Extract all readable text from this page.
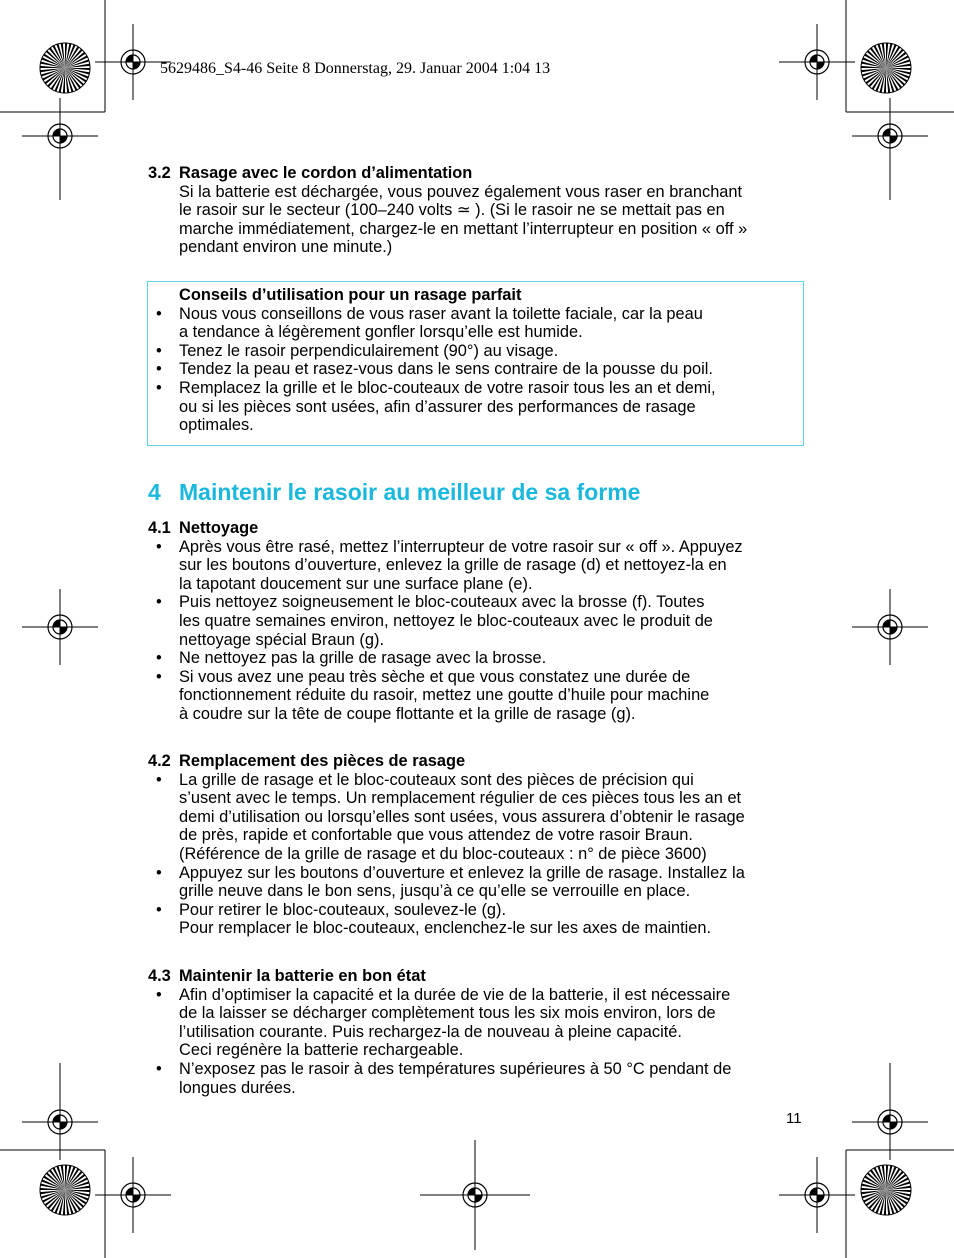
5629486_S4-46 Seite 8 Donnerstag, 29. Januar 2004 1:04 13
3.2 Rasage avec le cordon d’alimentation
Si la batterie est déchargée, vous pouvez également vous raser en branchant
le rasoir sur le secteur (100–240 volts ≃ ). (Si le rasoir ne se mettait pas en
marche immédiatement, chargez-le en mettant l’interrupteur en position « off »
pendant environ une minute.)
Conseils d’utilisation pour un rasage parfait
• Nous vous conseillons de vous raser avant la toilette faciale, car la peau
a tendance à légèrement gonfler lorsqu’elle est humide.
• Tenez le rasoir perpendiculairement (90°) au visage.
• Tendez la peau et rasez-vous dans le sens contraire de la pousse du poil.
• Remplacez la grille et le bloc-couteaux de votre rasoir tous les an et demi,
ou si les pièces sont usées, afin d’assurer des performances de rasage
optimales.
4 Maintenir le rasoir au meilleur de sa forme
4.1 Nettoyage
• Après vous être rasé, mettez l’interrupteur de votre rasoir sur « off ». Appuyez
sur les boutons d’ouverture, enlevez la grille de rasage (d) et nettoyez-la en
la tapotant doucement sur une surface plane (e).
• Puis nettoyez soigneusement le bloc-couteaux avec la brosse (f). Toutes
les quatre semaines environ, nettoyez le bloc-couteaux avec le produit de
nettoyage spécial Braun (g).
• Ne nettoyez pas la grille de rasage avec la brosse.
• Si vous avez une peau très sèche et que vous constatez une durée de
fonctionnement réduite du rasoir, mettez une goutte d’huile pour machine
à coudre sur la tête de coupe flottante et la grille de rasage (g).
4.2 Remplacement des pièces de rasage
• La grille de rasage et le bloc-couteaux sont des pièces de précision qui
s’usent avec le temps. Un remplacement régulier de ces pièces tous les an et
demi d’utilisation ou lorsqu’elles sont usées, vous assurera d’obtenir le rasage
de près, rapide et confortable que vous attendez de votre rasoir Braun.
(Référence de la grille de rasage et du bloc-couteaux : n° de pièce 3600)
• Appuyez sur les boutons d’ouverture et enlevez la grille de rasage. Installez la
grille neuve dans le bon sens, jusqu’à ce qu’elle se verrouille en place.
• Pour retirer le bloc-couteaux, soulevez-le (g).
Pour remplacer le bloc-couteaux, enclenchez-le sur les axes de maintien.
4.3 Maintenir la batterie en bon état
• Afin d’optimiser la capacité et la durée de vie de la batterie, il est nécessaire
de la laisser se décharger complètement tous les six mois environ, lors de
l’utilisation courante. Puis rechargez-la de nouveau à pleine capacité.
Ceci regénère la batterie rechargeable.
• N’exposez pas le rasoir à des températures supérieures à 50 °C pendant de
longues durées.
11
